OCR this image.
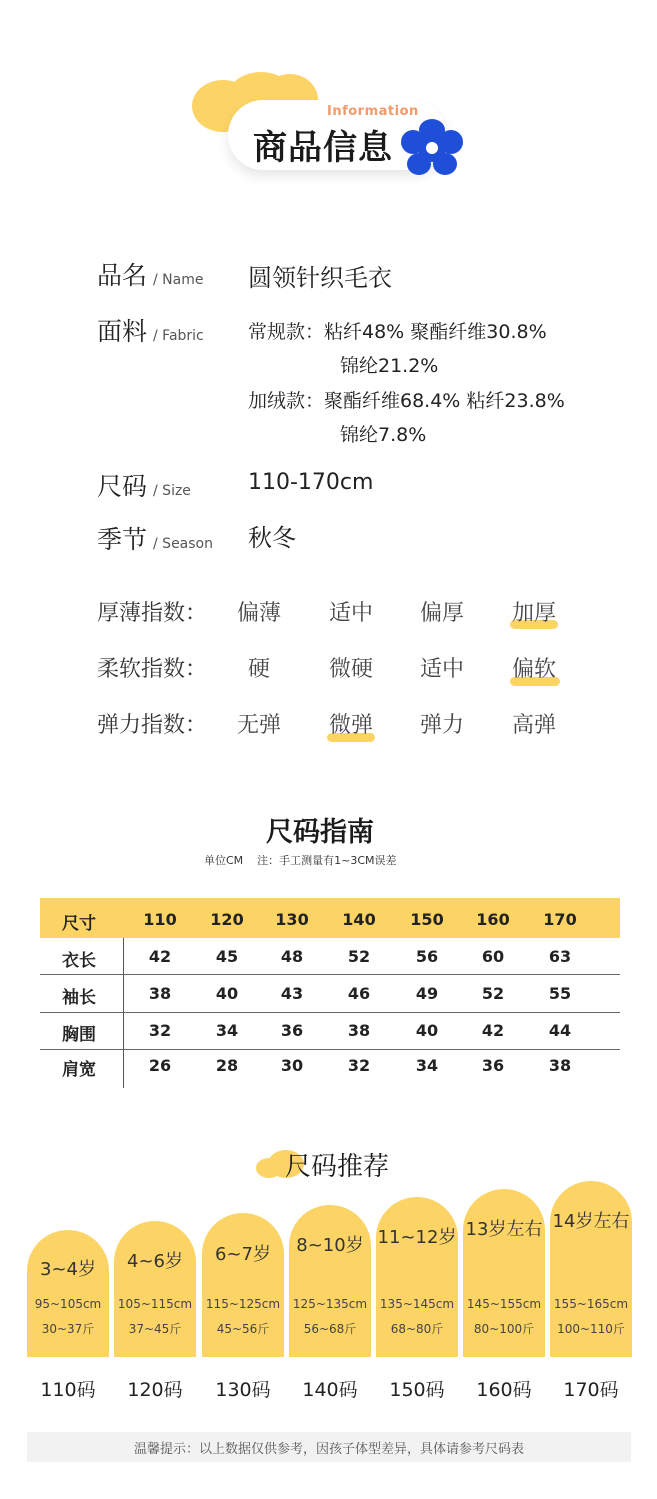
Information
商品信息
品名 / Name 圆领针织毛衣
面料 / Fabric 常规款：粘纤48% 聚酯纤维30.8%
锦纶21.2%
加绒款：聚酯纤维68.4% 粘纤23.8%
锦纶7.8%
尺码 / Size	110-170cm
季节 / Season 秋冬
厚薄指数：	偏薄	适中	偏厚	加厚
柔软指数：	硬	微硬	适中	偏软
弹力指数：	无弹	微弹	弹力	高弹
尺码指南
单位CM    注：手工测量有1~3CM误差
尺寸	110	120	130	140	150	160	170
衣长	42	45	48	52	56	60	63
袖长	38	40	43	46	49	52	55
胸围	32	34	36	38	40	42	44
肩宽	26	28	30	32	34	36	38
尺码推荐
3~4岁
95~105cm
30~37斤
110码
4~6岁
105~115cm
37~45斤
120码
6~7岁
115~125cm
45~56斤
130码
8~10岁
125~135cm
56~68斤
140码
11~12岁
135~145cm
68~80斤
150码
13岁左右
145~155cm
80~100斤
160码
14岁左右
155~165cm
100~110斤
170码
温馨提示：以上数据仅供参考，因孩子体型差异，具体请参考尺码表
